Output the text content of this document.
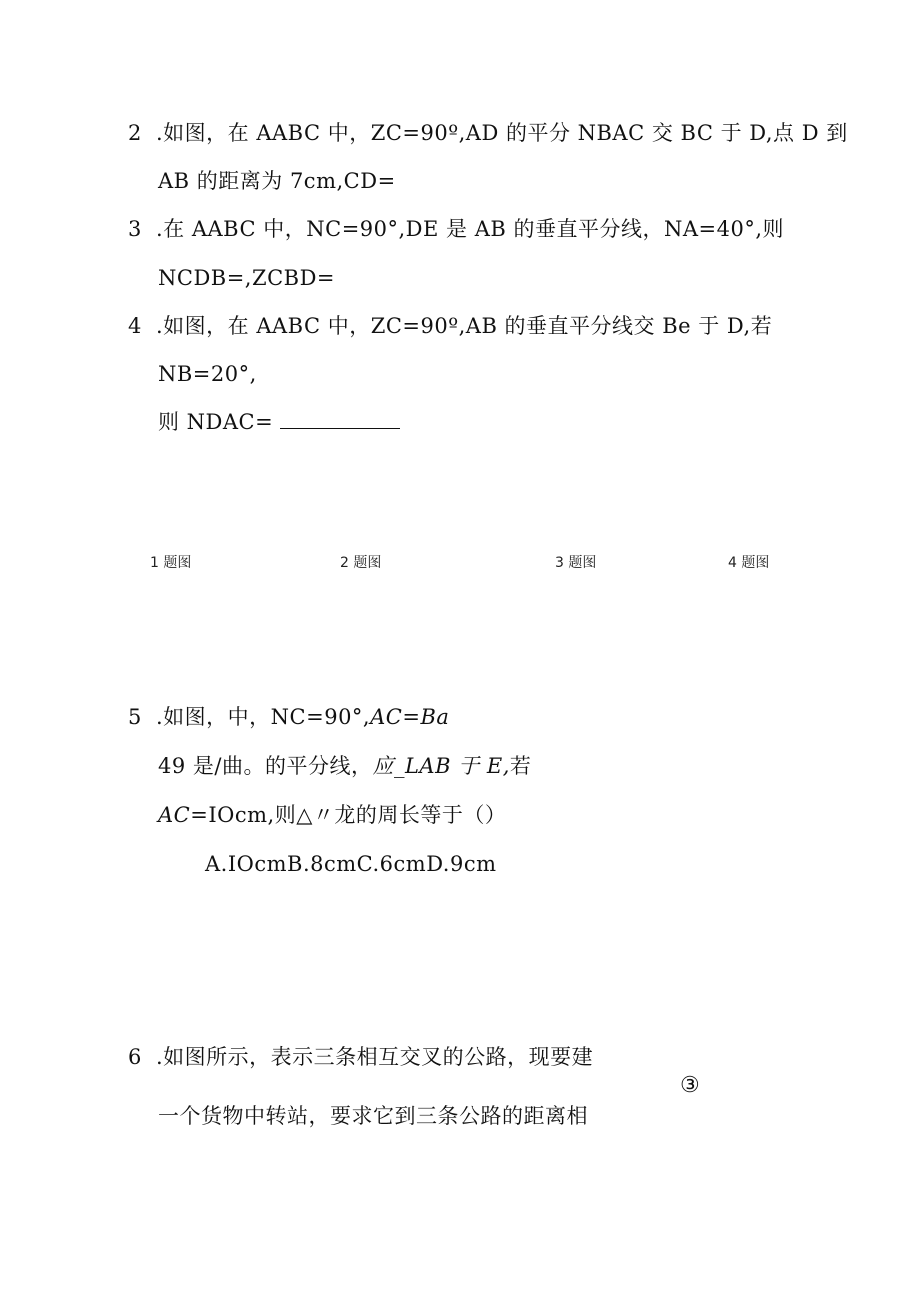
2 .如图，在 AABC 中，ZC=90º,AD 的平分 NBAC 交 BC 于 D,点 D 到
AB 的距离为 7cm,CD=
3 .在 AABC 中，NC=90°,DE 是 AB 的垂直平分线，NA=40°,则
NCDB=,ZCBD=
4 .如图，在 AABC 中，ZC=90º,AB 的垂直平分线交 Be 于 D,若
NB=20°,
则 NDAC=
1 题图	2 题图	3 题图	4 题图
5 .如图，中，NC=90°,AC=Ba
49 是/曲。的平分线，应_LAB 于 E,若
AC=IOcm,则△〃龙的周长等于（）
A.IOcmB.8cmC.6cmD.9cm
6 .如图所示，表示三条相互交叉的公路，现要建
③
一个货物中转站，要求它到三条公路的距离相
